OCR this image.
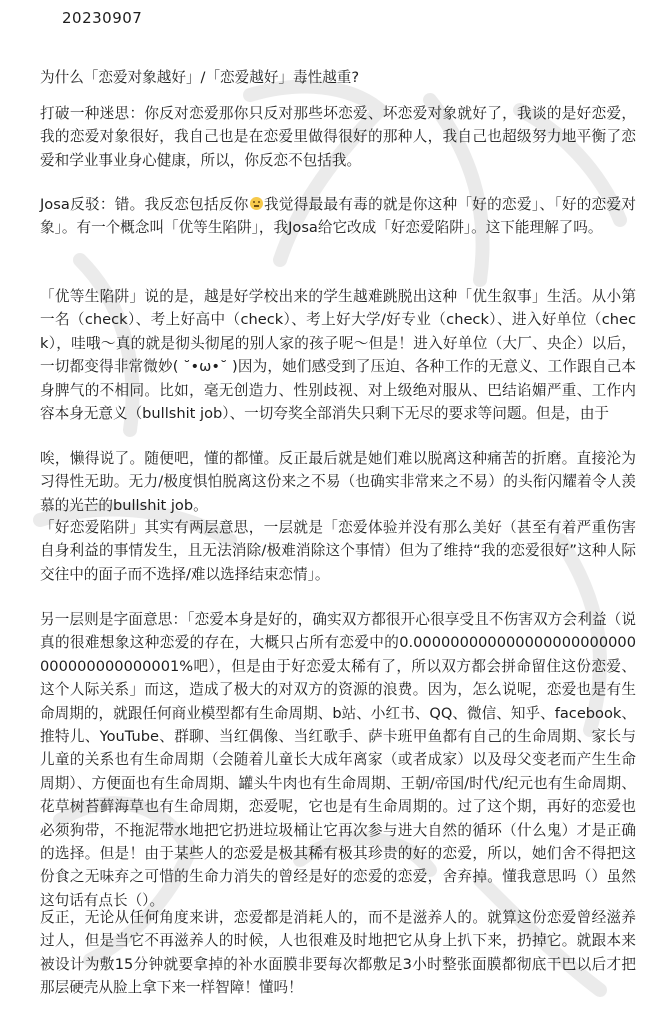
20230907

为什么「恋爱对象越好」/「恋爱越好」毒性越重?

打破一种迷思：你反对恋爱那你只反对那些坏恋爱、坏恋爱对象就好了，我谈的是好恋爱，我的恋爱对象很好，我自己也是在恋爱里做得很好的那种人，我自己也超级努力地平衡了恋爱和学业事业身心健康，所以，你反恋不包括我。

Josa反驳：错。我反恋包括反你 我觉得最最有毒的就是你这种「好的恋爱」、「好的恋爱对象」。有一个概念叫「优等生陷阱」，我Josa给它改成「好恋爱陷阱」。这下能理解了吗。

「优等生陷阱」说的是，越是好学校出来的学生越难跳脱出这种「优生叙事」生活。从小第一名（check）、考上好高中（check）、考上好大学/好专业（check）、进入好单位（check），哇哦～真的就是彻头彻尾的别人家的孩子呢～但是！进入好单位（大厂、央企）以后，一切都变得非常微妙( ˘•ω•˘ )因为，她们感受到了压迫、各种工作的无意义、工作跟自己本身脾气的不相同。比如，毫无创造力、性别歧视、对上级绝对服从、巴结谄媚严重、工作内容本身无意义（bullshit job）、一切夸奖全部消失只剩下无尽的要求等问题。但是，由于

唉，懒得说了。随便吧，懂的都懂。反正最后就是她们难以脱离这种痛苦的折磨。直接沦为习得性无助。无力/极度惧怕脱离这份来之不易（也确实非常来之不易）的头衔闪耀着令人羡慕的光芒的bullshit job。

「好恋爱陷阱」其实有两层意思，一层就是「恋爱体验并没有那么美好（甚至有着严重伤害自身利益的事情发生，且无法消除/极难消除这个事情）但为了维持“我的恋爱很好”这种人际交往中的面子而不选择/难以选择结束恋情」。

另一层则是字面意思：「恋爱本身是好的，确实双方都很开心很享受且不伤害双方会利益（说真的很难想象这种恋爱的存在，大概只占所有恋爱中的0.000000000000000000000000000000000000001%吧），但是由于好恋爱太稀有了，所以双方都会拼命留住这份恋爱、这个人际关系」而这，造成了极大的对双方的资源的浪费。因为，怎么说呢，恋爱也是有生命周期的，就跟任何商业模型都有生命周期、b站、小红书、QQ、微信、知乎、facebook、推特儿、YouTube、群聊、当红偶像、当红歌手、萨卡班甲鱼都有自己的生命周期、家长与儿童的关系也有生命周期（会随着儿童长大成年离家（或者成家）以及母父变老而产生生命周期）、方便面也有生命周期、罐头牛肉也有生命周期、王朝/帝国/时代/纪元也有生命周期、花草树苔藓海草也有生命周期，恋爱呢，它也是有生命周期的。过了这个期，再好的恋爱也必须狗带，不拖泥带水地把它扔进垃圾桶让它再次参与进大自然的循环（什么鬼）才是正确的选择。但是！由于某些人的恋爱是极其稀有极其珍贵的好的恋爱，所以，她们舍不得把这份食之无味弃之可惜的生命力消失的曾经是好的恋爱的恋爱，舍弃掉。懂我意思吗（）虽然这句话有点长（）。

反正，无论从任何角度来讲，恋爱都是消耗人的，而不是滋养人的。就算这份恋爱曾经滋养过人，但是当它不再滋养人的时候，人也很难及时地把它从身上扒下来，扔掉它。就跟本来被设计为敷15分钟就要拿掉的补水面膜非要每次都敷足3小时整张面膜都彻底干巴以后才把那层硬壳从脸上拿下来一样智障！懂吗！
